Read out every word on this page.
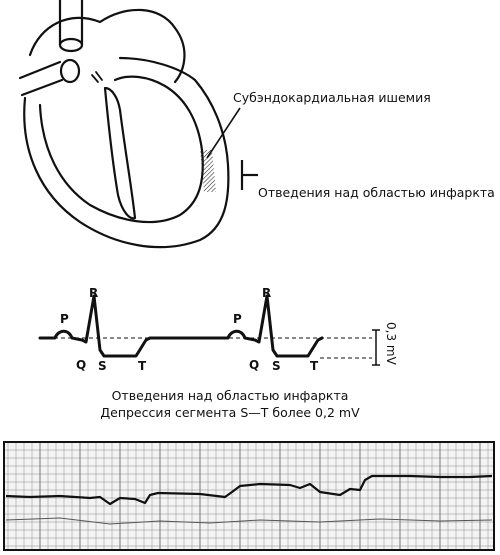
Субэндокардиальная ишемия
Отведения над областью инфаркта
P
R
Q S	T
P
R
Q S T
0,3 mV
Отведения над областью инфаркта
Депрессия сегмента S—T более 0,2 mV
